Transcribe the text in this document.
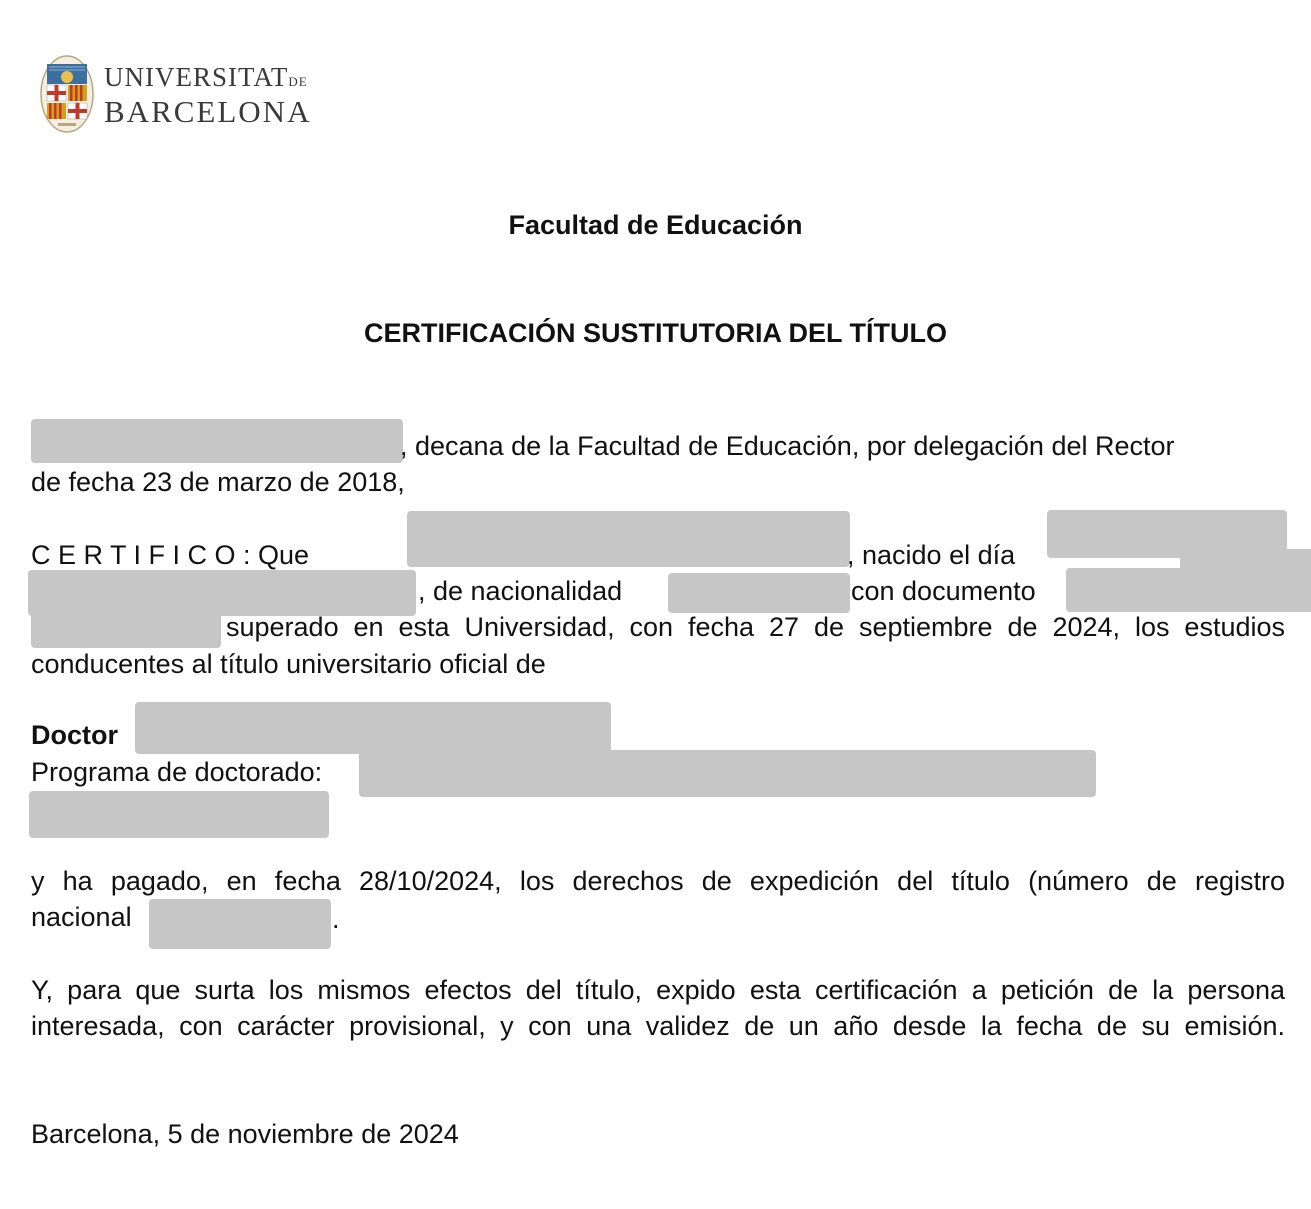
UNIVERSITATDE
BARCELONA
Facultad de Educación
CERTIFICACIÓN SUSTITUTORIA DEL TÍTULO
, decana de la Facultad de Educación, por delegación del Rector
de fecha 23 de marzo de 2018,
C E R T I F I C O : Que	, nacido el día
, de nacionalidad	con documento
superado en esta Universidad, con fecha 27 de septiembre de 2024, los estudios
conducentes al título universitario oficial de
Doctor
Programa de doctorado:
y ha pagado, en fecha 28/10/2024, los derechos de expedición del título (número de registro
nacional	.
Y, para que surta los mismos efectos del título, expido esta certificación a petición de la persona
interesada, con carácter provisional, y con una validez de un año desde la fecha de su emisión.
Barcelona, 5 de noviembre de 2024
